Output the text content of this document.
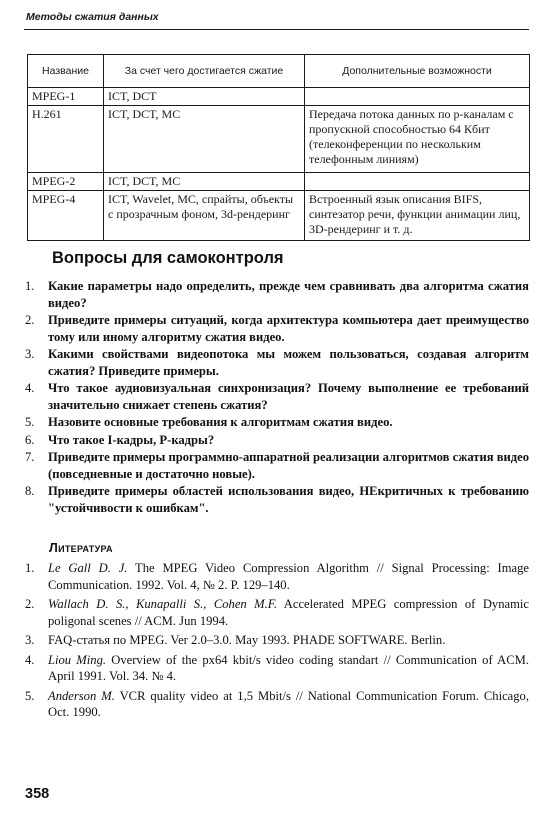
Методы сжатия данных
Название	За счет чего достигается сжатие	Дополнительные возможности
MPEG-1	ICT, DCT	
H.261	ICT, DCT, MC	Передача потока данных по р-каналам с пропускной способностью 64 Кбит (телеконференции по нескольким телефонным линиям)
MPEG-2	ICT, DCT, MC	
MPEG-4	ICT, Wavelet, MC, спрайты, объекты с прозрачным фоном, 3d-рендеринг	Встроенный язык описания BIFS, синтезатор речи, функции анимации лиц, 3D-рендеринг и т. д.
Вопросы для самоконтроля
1.	Какие параметры надо определить, прежде чем сравнивать два алгоритма сжатия видео?
2.	Приведите примеры ситуаций, когда архитектура компьютера дает преимущество тому или иному алгоритму сжатия видео.
3.	Какими свойствами видеопотока мы можем пользоваться, создавая алгоритм сжатия? Приведите примеры.
4.	Что такое аудиовизуальная синхронизация? Почему выполнение ее требований значительно снижает степень сжатия?
5.	Назовите основные требования к алгоритмам сжатия видео.
6.	Что такое I-кадры, Р-кадры?
7.	Приведите примеры программно-аппаратной реализации алгоритмов сжатия видео (повседневные и достаточно новые).
8.	Приведите примеры областей использования видео, НЕкритичных к требованию "устойчивости к ошибкам".
Литература
1.	Le Gall D. J. The MPEG Video Compression Algorithm // Signal Processing: Image Communication. 1992. Vol. 4, № 2. P. 129–140.
2.	Wallach D. S., Kunapalli S., Cohen M.F. Accelerated MPEG compression of Dynamic poligonal scenes // ACM. Jun 1994.
3.	FAQ-статья по MPEG. Ver 2.0–3.0. May 1993. PHADE SOFTWARE. Berlin.
4.	Liou Ming. Overview of the px64 kbit/s video coding standart // Communication of ACM. April 1991. Vol. 34. № 4.
5.	Anderson M. VCR quality video at 1,5 Mbit/s // National Communication Forum. Chicago, Oct. 1990.
358
